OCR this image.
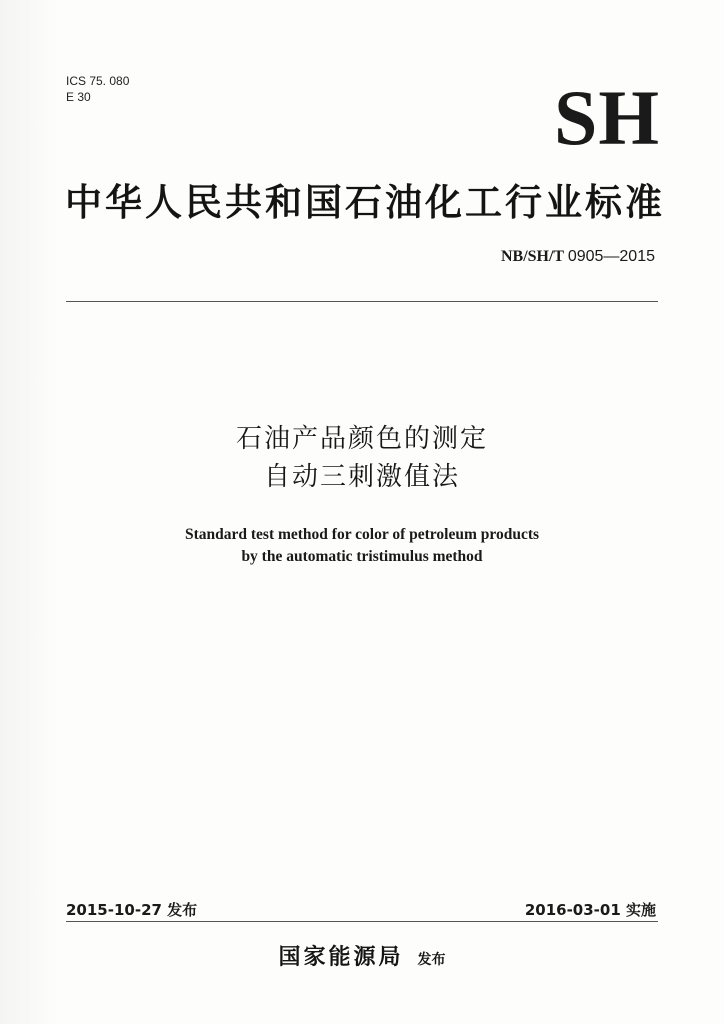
ICS 75. 080
E 30	SH
中华人民共和国石油化工行业标准
NB/SH/T 0905—2015
石油产品颜色的测定
自动三刺激值法
Standard test method for color of petroleum products
by the automatic tristimulus method
2015-10-27 发布	2016-03-01 实施
国家能源局 发布
